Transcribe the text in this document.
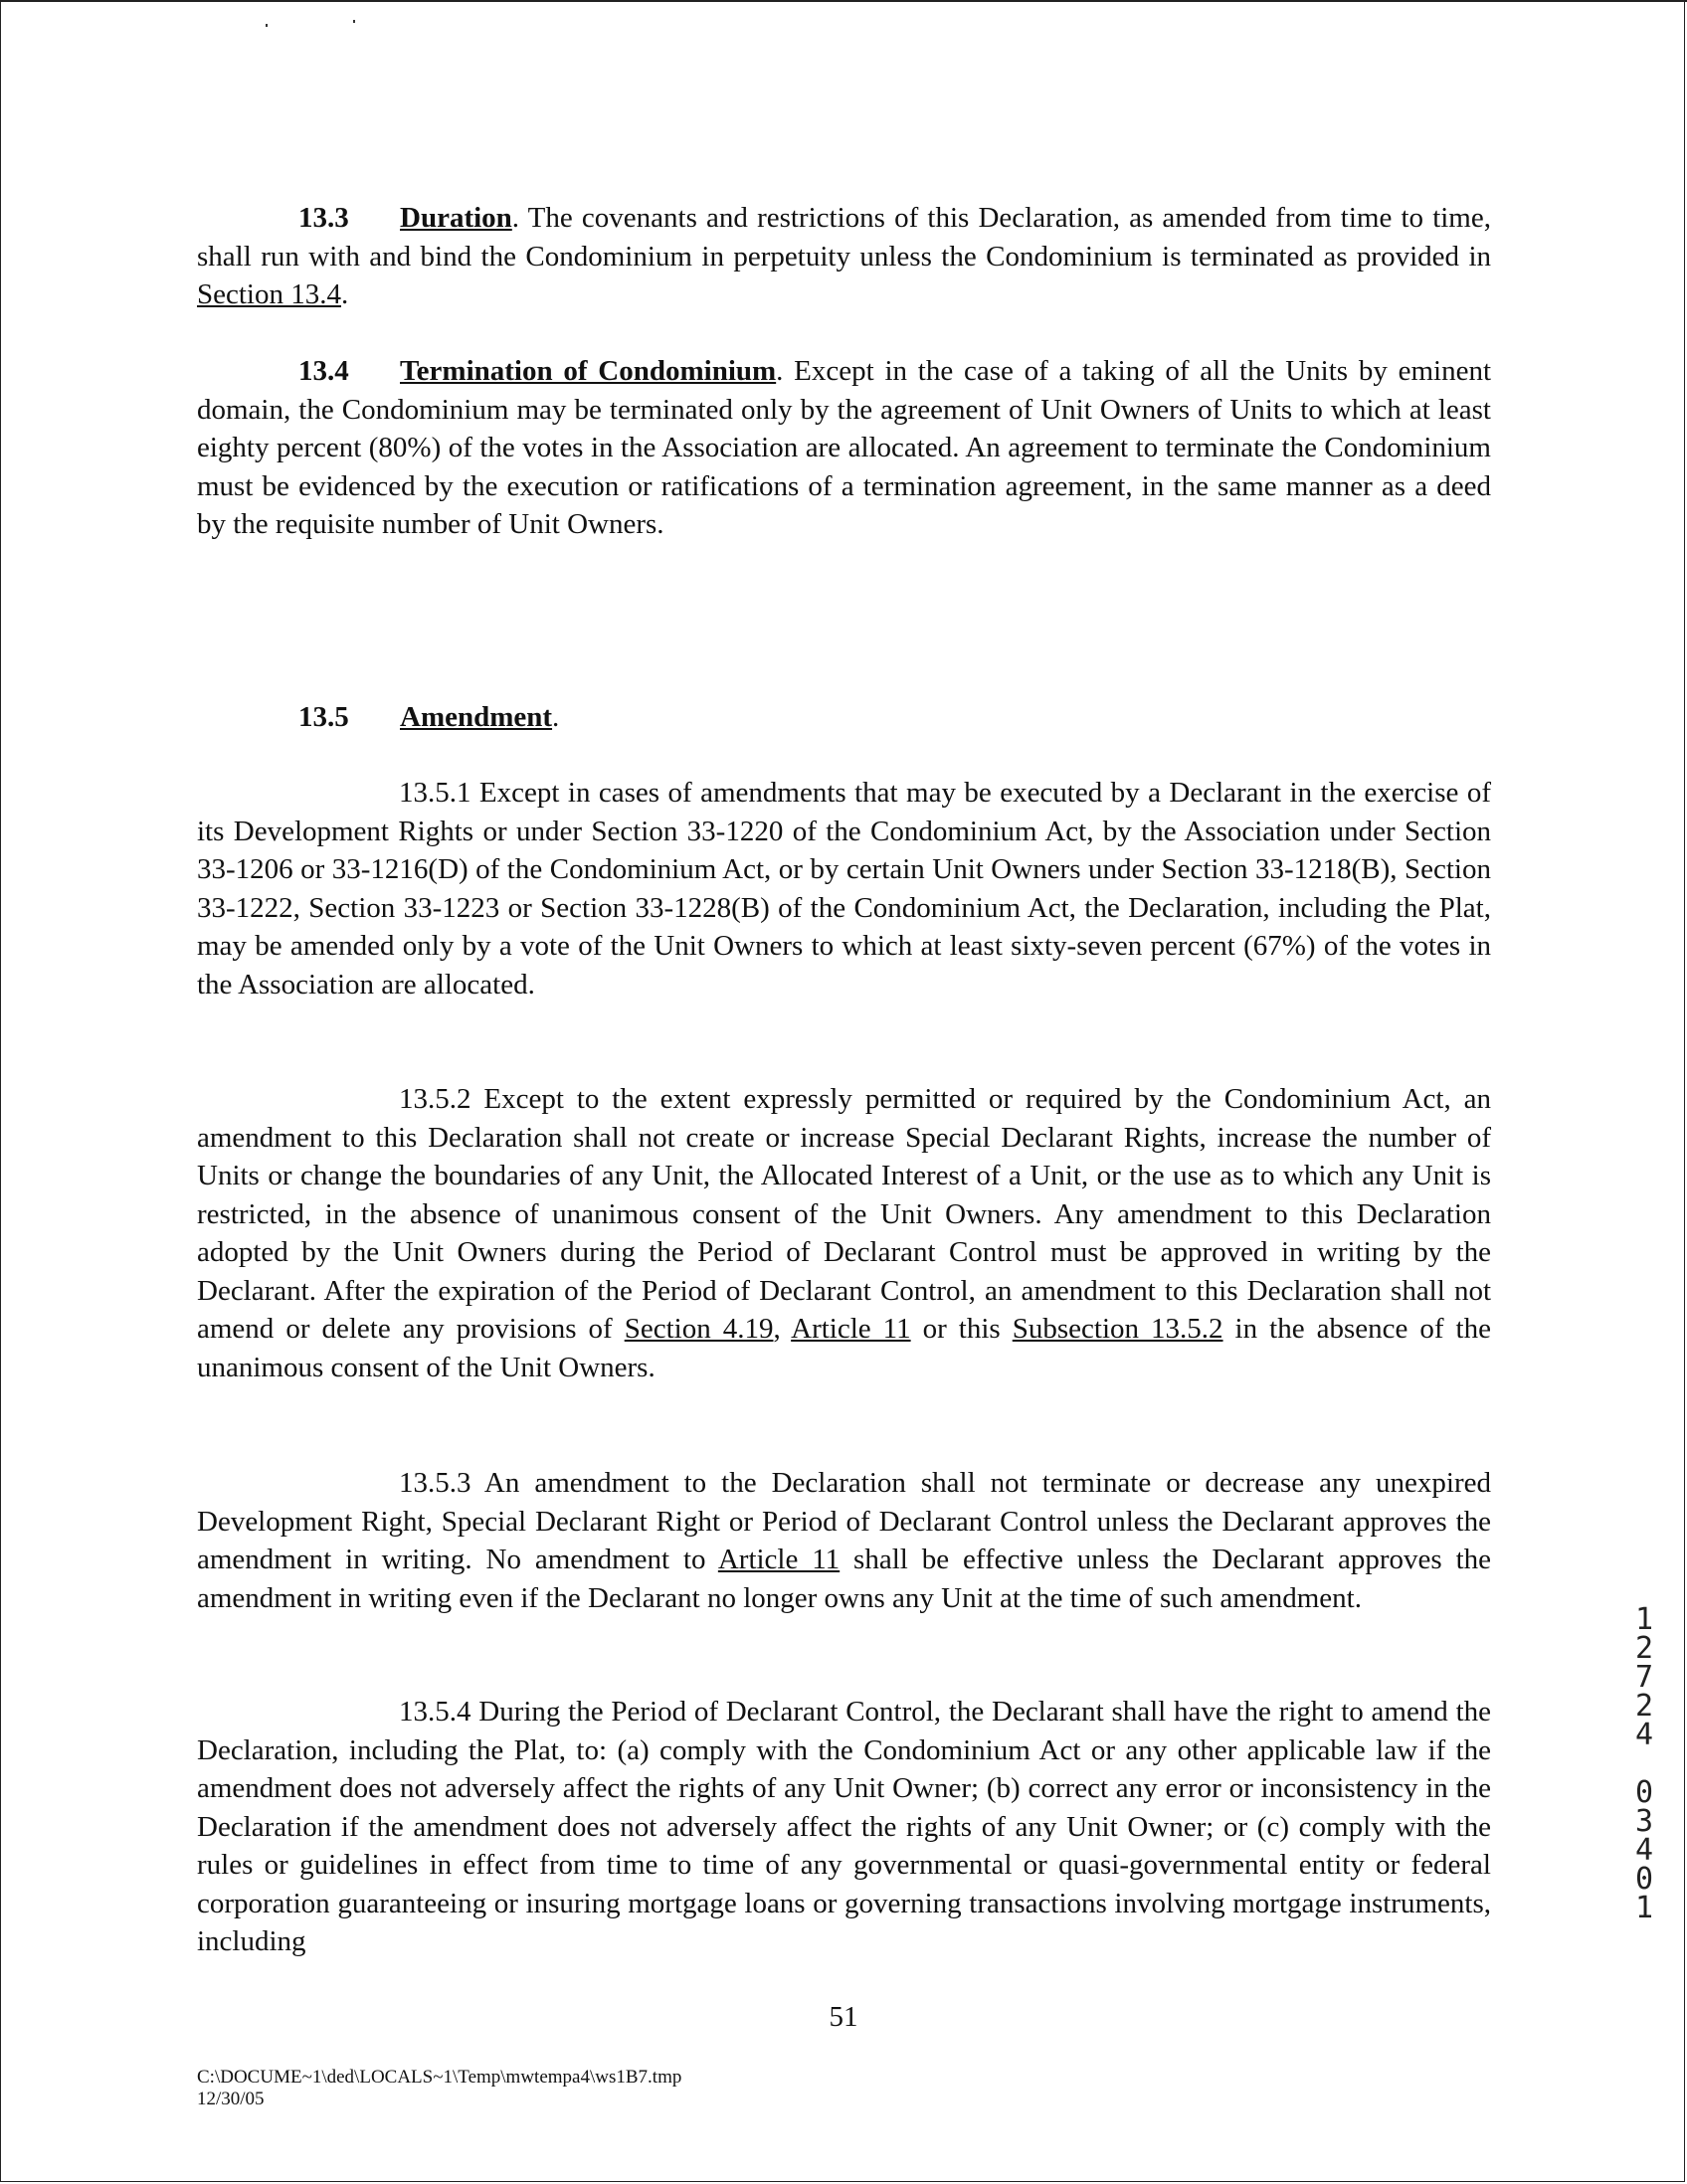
13.3 Duration. The covenants and restrictions of this Declaration, as amended from time to time, shall run with and bind the Condominium in perpetuity unless the Condominium is terminated as provided in Section 13.4.
13.4 Termination of Condominium. Except in the case of a taking of all the Units by eminent domain, the Condominium may be terminated only by the agreement of Unit Owners of Units to which at least eighty percent (80%) of the votes in the Association are allocated. An agreement to terminate the Condominium must be evidenced by the execution or ratifications of a termination agreement, in the same manner as a deed by the requisite number of Unit Owners.
13.5 Amendment.
13.5.1 Except in cases of amendments that may be executed by a Declarant in the exercise of its Development Rights or under Section 33-1220 of the Condominium Act, by the Association under Section 33-1206 or 33-1216(D) of the Condominium Act, or by certain Unit Owners under Section 33-1218(B), Section 33-1222, Section 33-1223 or Section 33-1228(B) of the Condominium Act, the Declaration, including the Plat, may be amended only by a vote of the Unit Owners to which at least sixty-seven percent (67%) of the votes in the Association are allocated.
13.5.2 Except to the extent expressly permitted or required by the Condominium Act, an amendment to this Declaration shall not create or increase Special Declarant Rights, increase the number of Units or change the boundaries of any Unit, the Allocated Interest of a Unit, or the use as to which any Unit is restricted, in the absence of unanimous consent of the Unit Owners. Any amendment to this Declaration adopted by the Unit Owners during the Period of Declarant Control must be approved in writing by the Declarant. After the expiration of the Period of Declarant Control, an amendment to this Declaration shall not amend or delete any provisions of Section 4.19, Article 11 or this Subsection 13.5.2 in the absence of the unanimous consent of the Unit Owners.
13.5.3 An amendment to the Declaration shall not terminate or decrease any unexpired Development Right, Special Declarant Right or Period of Declarant Control unless the Declarant approves the amendment in writing. No amendment to Article 11 shall be effective unless the Declarant approves the amendment in writing even if the Declarant no longer owns any Unit at the time of such amendment.
13.5.4 During the Period of Declarant Control, the Declarant shall have the right to amend the Declaration, including the Plat, to: (a) comply with the Condominium Act or any other applicable law if the amendment does not adversely affect the rights of any Unit Owner; (b) correct any error or inconsistency in the Declaration if the amendment does not adversely affect the rights of any Unit Owner; or (c) comply with the rules or guidelines in effect from time to time of any governmental or quasi-governmental entity or federal corporation guaranteeing or insuring mortgage loans or governing transactions involving mortgage instruments, including
51
C:\DOCUME~1\ded\LOCALS~1\Temp\mwtempa4\ws1B7.tmp
12/30/05
1
2
7
2
4
0
3
4
0
1
